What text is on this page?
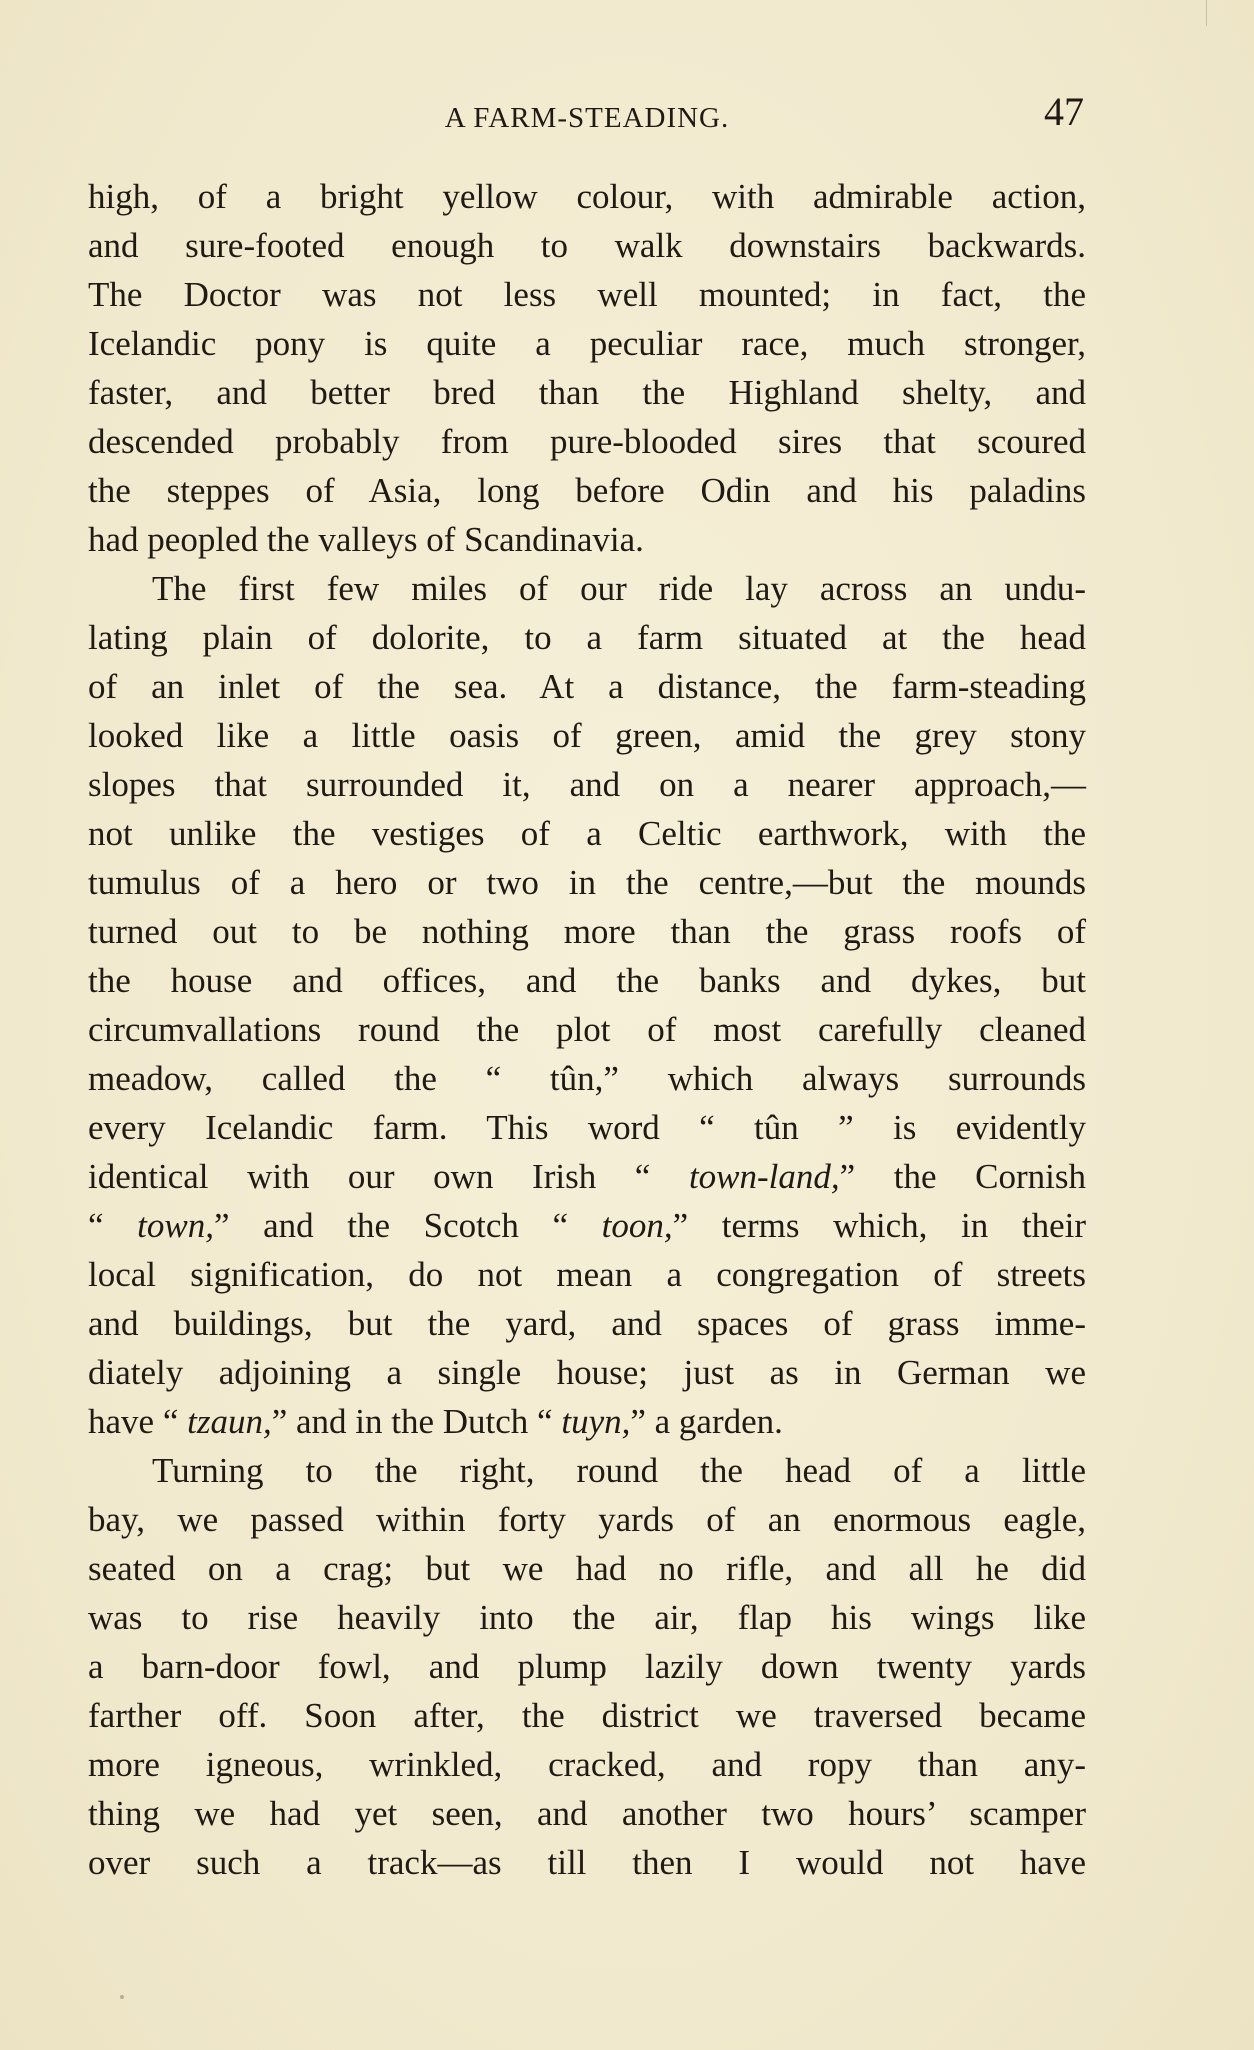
A FARM-STEADING.	47
high, of a bright yellow colour, with admirable action,
and sure-footed enough to walk downstairs backwards.
The Doctor was not less well mounted; in fact, the
Icelandic pony is quite a peculiar race, much stronger,
faster, and better bred than the Highland shelty, and
descended probably from pure-blooded sires that scoured
the steppes of Asia, long before Odin and his paladins
had peopled the valleys of Scandinavia.
The first few miles of our ride lay across an undu-
lating plain of dolorite, to a farm situated at the head
of an inlet of the sea. At a distance, the farm-steading
looked like a little oasis of green, amid the grey stony
slopes that surrounded it, and on a nearer approach,—
not unlike the vestiges of a Celtic earthwork, with the
tumulus of a hero or two in the centre,—but the mounds
turned out to be nothing more than the grass roofs of
the house and offices, and the banks and dykes, but
circumvallations round the plot of most carefully cleaned
meadow, called the “ tûn,” which always surrounds
every Icelandic farm. This word “ tûn ” is evidently
identical with our own Irish “ town-land,” the Cornish
“ town,” and the Scotch “ toon,” terms which, in their
local signification, do not mean a congregation of streets
and buildings, but the yard, and spaces of grass imme-
diately adjoining a single house; just as in German we
have “ tzaun,” and in the Dutch “ tuyn,” a garden.
Turning to the right, round the head of a little
bay, we passed within forty yards of an enormous eagle,
seated on a crag; but we had no rifle, and all he did
was to rise heavily into the air, flap his wings like
a barn-door fowl, and plump lazily down twenty yards
farther off. Soon after, the district we traversed became
more igneous, wrinkled, cracked, and ropy than any-
thing we had yet seen, and another two hours’ scamper
over such a track—as till then I would not have
